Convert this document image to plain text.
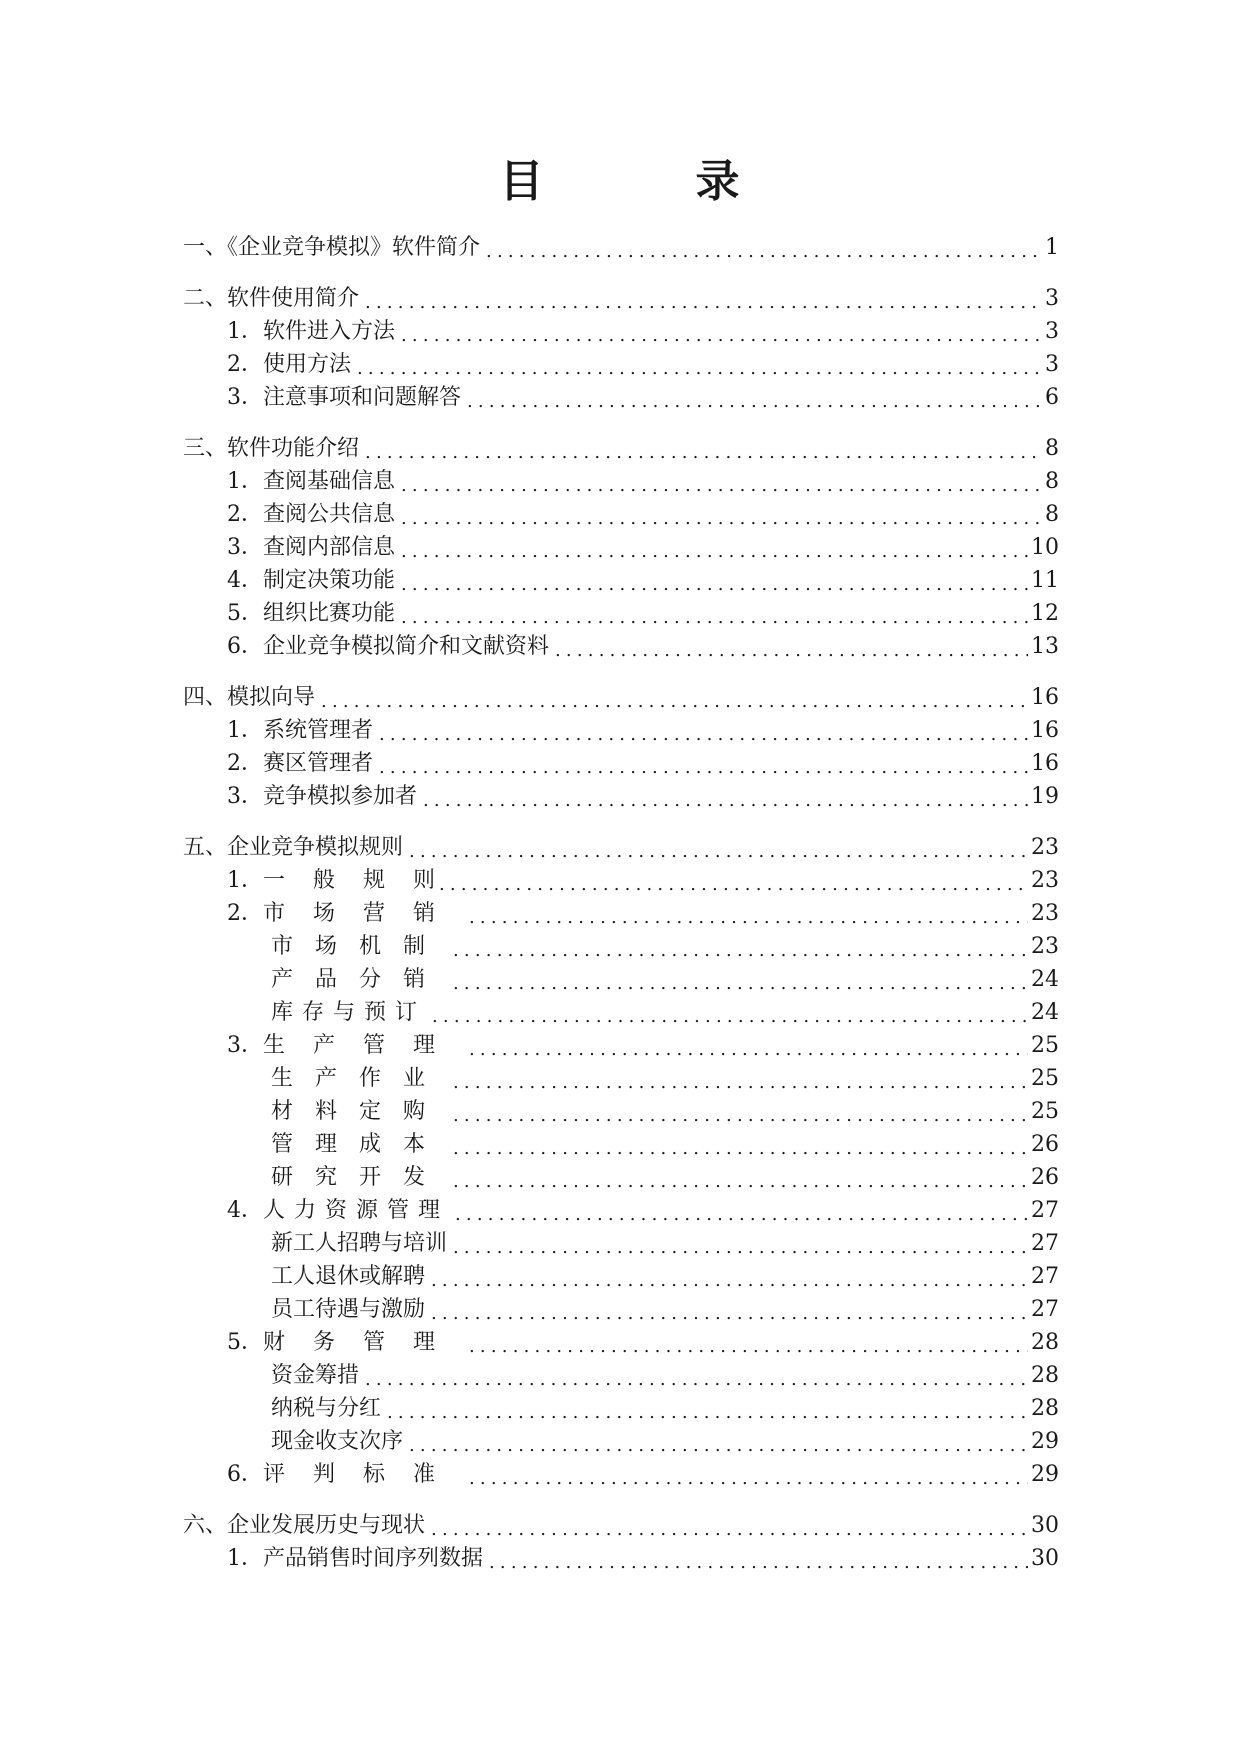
目	录
一、《企业竞争模拟》软件简介 .....	1
二、软件使用简介 .....	3
1．软件进入方法 .....	3
2．使用方法 .....	3
3．注意事项和问题解答 .....	6
三、软件功能介绍 .....	8
1．查阅基础信息 .....	8
2．查阅公共信息 .....	8
3．查阅内部信息 .....	10
4．制定决策功能 .....	11
5．组织比赛功能 .....	12
6．企业竞争模拟简介和文献资料 .....	13
四、模拟向导 .....	16
1．系统管理者 .....	16
2．赛区管理者 .....	16
3．竞争模拟参加者 .....	19
五、企业竞争模拟规则 .....	23
1．一般规则 .....	23
2．市场营销 .....	23
市场机制 .....	23
产品分销 .....	24
库存与预订 .....	24
3．生产管理 .....	25
生产作业 .....	25
材料定购 .....	25
管理成本 .....	26
研究开发 .....	26
4．人力资源管理 .....	27
新工人招聘与培训 .....	27
工人退休或解聘 .....	27
员工待遇与激励 .....	27
5．财务管理 .....	28
资金筹措 .....	28
纳税与分红 .....	28
现金收支次序 .....	29
6．评判标准 .....	29
六、企业发展历史与现状 .....	30
1．产品销售时间序列数据 .....	30
